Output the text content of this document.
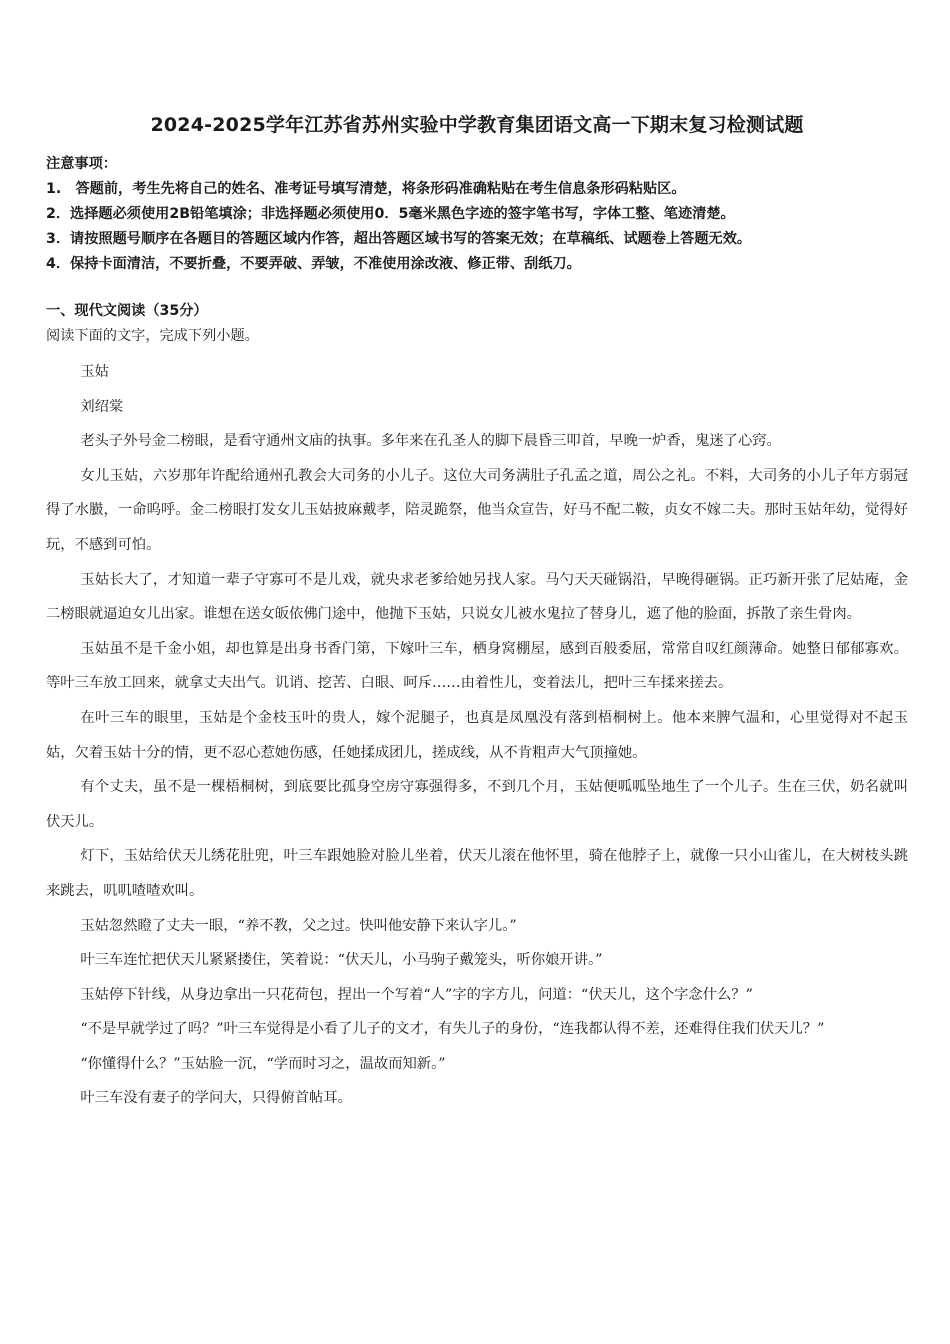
2024-2025学年江苏省苏州实验中学教育集团语文高一下期末复习检测试题
注意事项：
1.　答题前，考生先将自己的姓名、准考证号填写清楚，将条形码准确粘贴在考生信息条形码粘贴区。
2．选择题必须使用2B铅笔填涂；非选择题必须使用0．5毫米黑色字迹的签字笔书写，字体工整、笔迹清楚。
3．请按照题号顺序在各题目的答题区域内作答，超出答题区域书写的答案无效；在草稿纸、试题卷上答题无效。
4．保持卡面清洁，不要折叠，不要弄破、弄皱，不准使用涂改液、修正带、刮纸刀。
一、现代文阅读（35分）
阅读下面的文字，完成下列小题。

玉姑

刘绍棠

老头子外号金二榜眼，是看守通州文庙的执事。多年来在孔圣人的脚下晨昏三叩首，早晚一炉香，鬼迷了心窍。

女儿玉姑，六岁那年许配给通州孔教会大司务的小儿子。这位大司务满肚子孔孟之道，周公之礼。不料，大司务的小儿子年方弱冠得了水臌，一命呜呼。金二榜眼打发女儿玉姑披麻戴孝，陪灵跪祭，他当众宣告，好马不配二鞍，贞女不嫁二夫。那时玉姑年幼，觉得好玩，不感到可怕。

玉姑长大了，才知道一辈子守寡可不是儿戏，就央求老爹给她另找人家。马勺天天碰锅沿，早晚得砸锅。正巧新开张了尼姑庵，金二榜眼就逼迫女儿出家。谁想在送女皈依佛门途中，他抛下玉姑，只说女儿被水鬼拉了替身儿，遮了他的脸面，拆散了亲生骨肉。

玉姑虽不是千金小姐，却也算是出身书香门第，下嫁叶三车，栖身窝棚屋，感到百般委屈，常常自叹红颜薄命。她整日郁郁寡欢。等叶三车放工回来，就拿丈夫出气。讥诮、挖苦、白眼、呵斥……由着性儿，变着法儿，把叶三车揉来搓去。

在叶三车的眼里，玉姑是个金枝玉叶的贵人，嫁个泥腿子，也真是凤凰没有落到梧桐树上。他本来脾气温和，心里觉得对不起玉姑，欠着玉姑十分的情，更不忍心惹她伤感，任她揉成团儿，搓成线，从不肯粗声大气顶撞她。

有个丈夫，虽不是一棵梧桐树，到底要比孤身空房守寡强得多，不到几个月，玉姑便呱呱坠地生了一个儿子。生在三伏，奶名就叫伏天儿。

灯下，玉姑给伏天儿绣花肚兜，叶三车跟她脸对脸儿坐着，伏天儿滚在他怀里，骑在他脖子上，就像一只小山雀儿，在大树枝头跳来跳去，叽叽喳喳欢叫。

玉姑忽然瞪了丈夫一眼，“养不教，父之过。快叫他安静下来认字儿。”

叶三车连忙把伏天儿紧紧搂住，笑着说：“伏天儿，小马驹子戴笼头，听你娘开讲。”

玉姑停下针线，从身边拿出一只花荷包，捏出一个写着“人”字的字方儿，问道：“伏天儿，这个字念什么？”

“不是早就学过了吗？”叶三车觉得是小看了儿子的文才，有失儿子的身份，“连我都认得不差，还难得住我们伏天儿？”

“你懂得什么？”玉姑脸一沉，“学而时习之，温故而知新。”

叶三车没有妻子的学问大，只得俯首帖耳。
